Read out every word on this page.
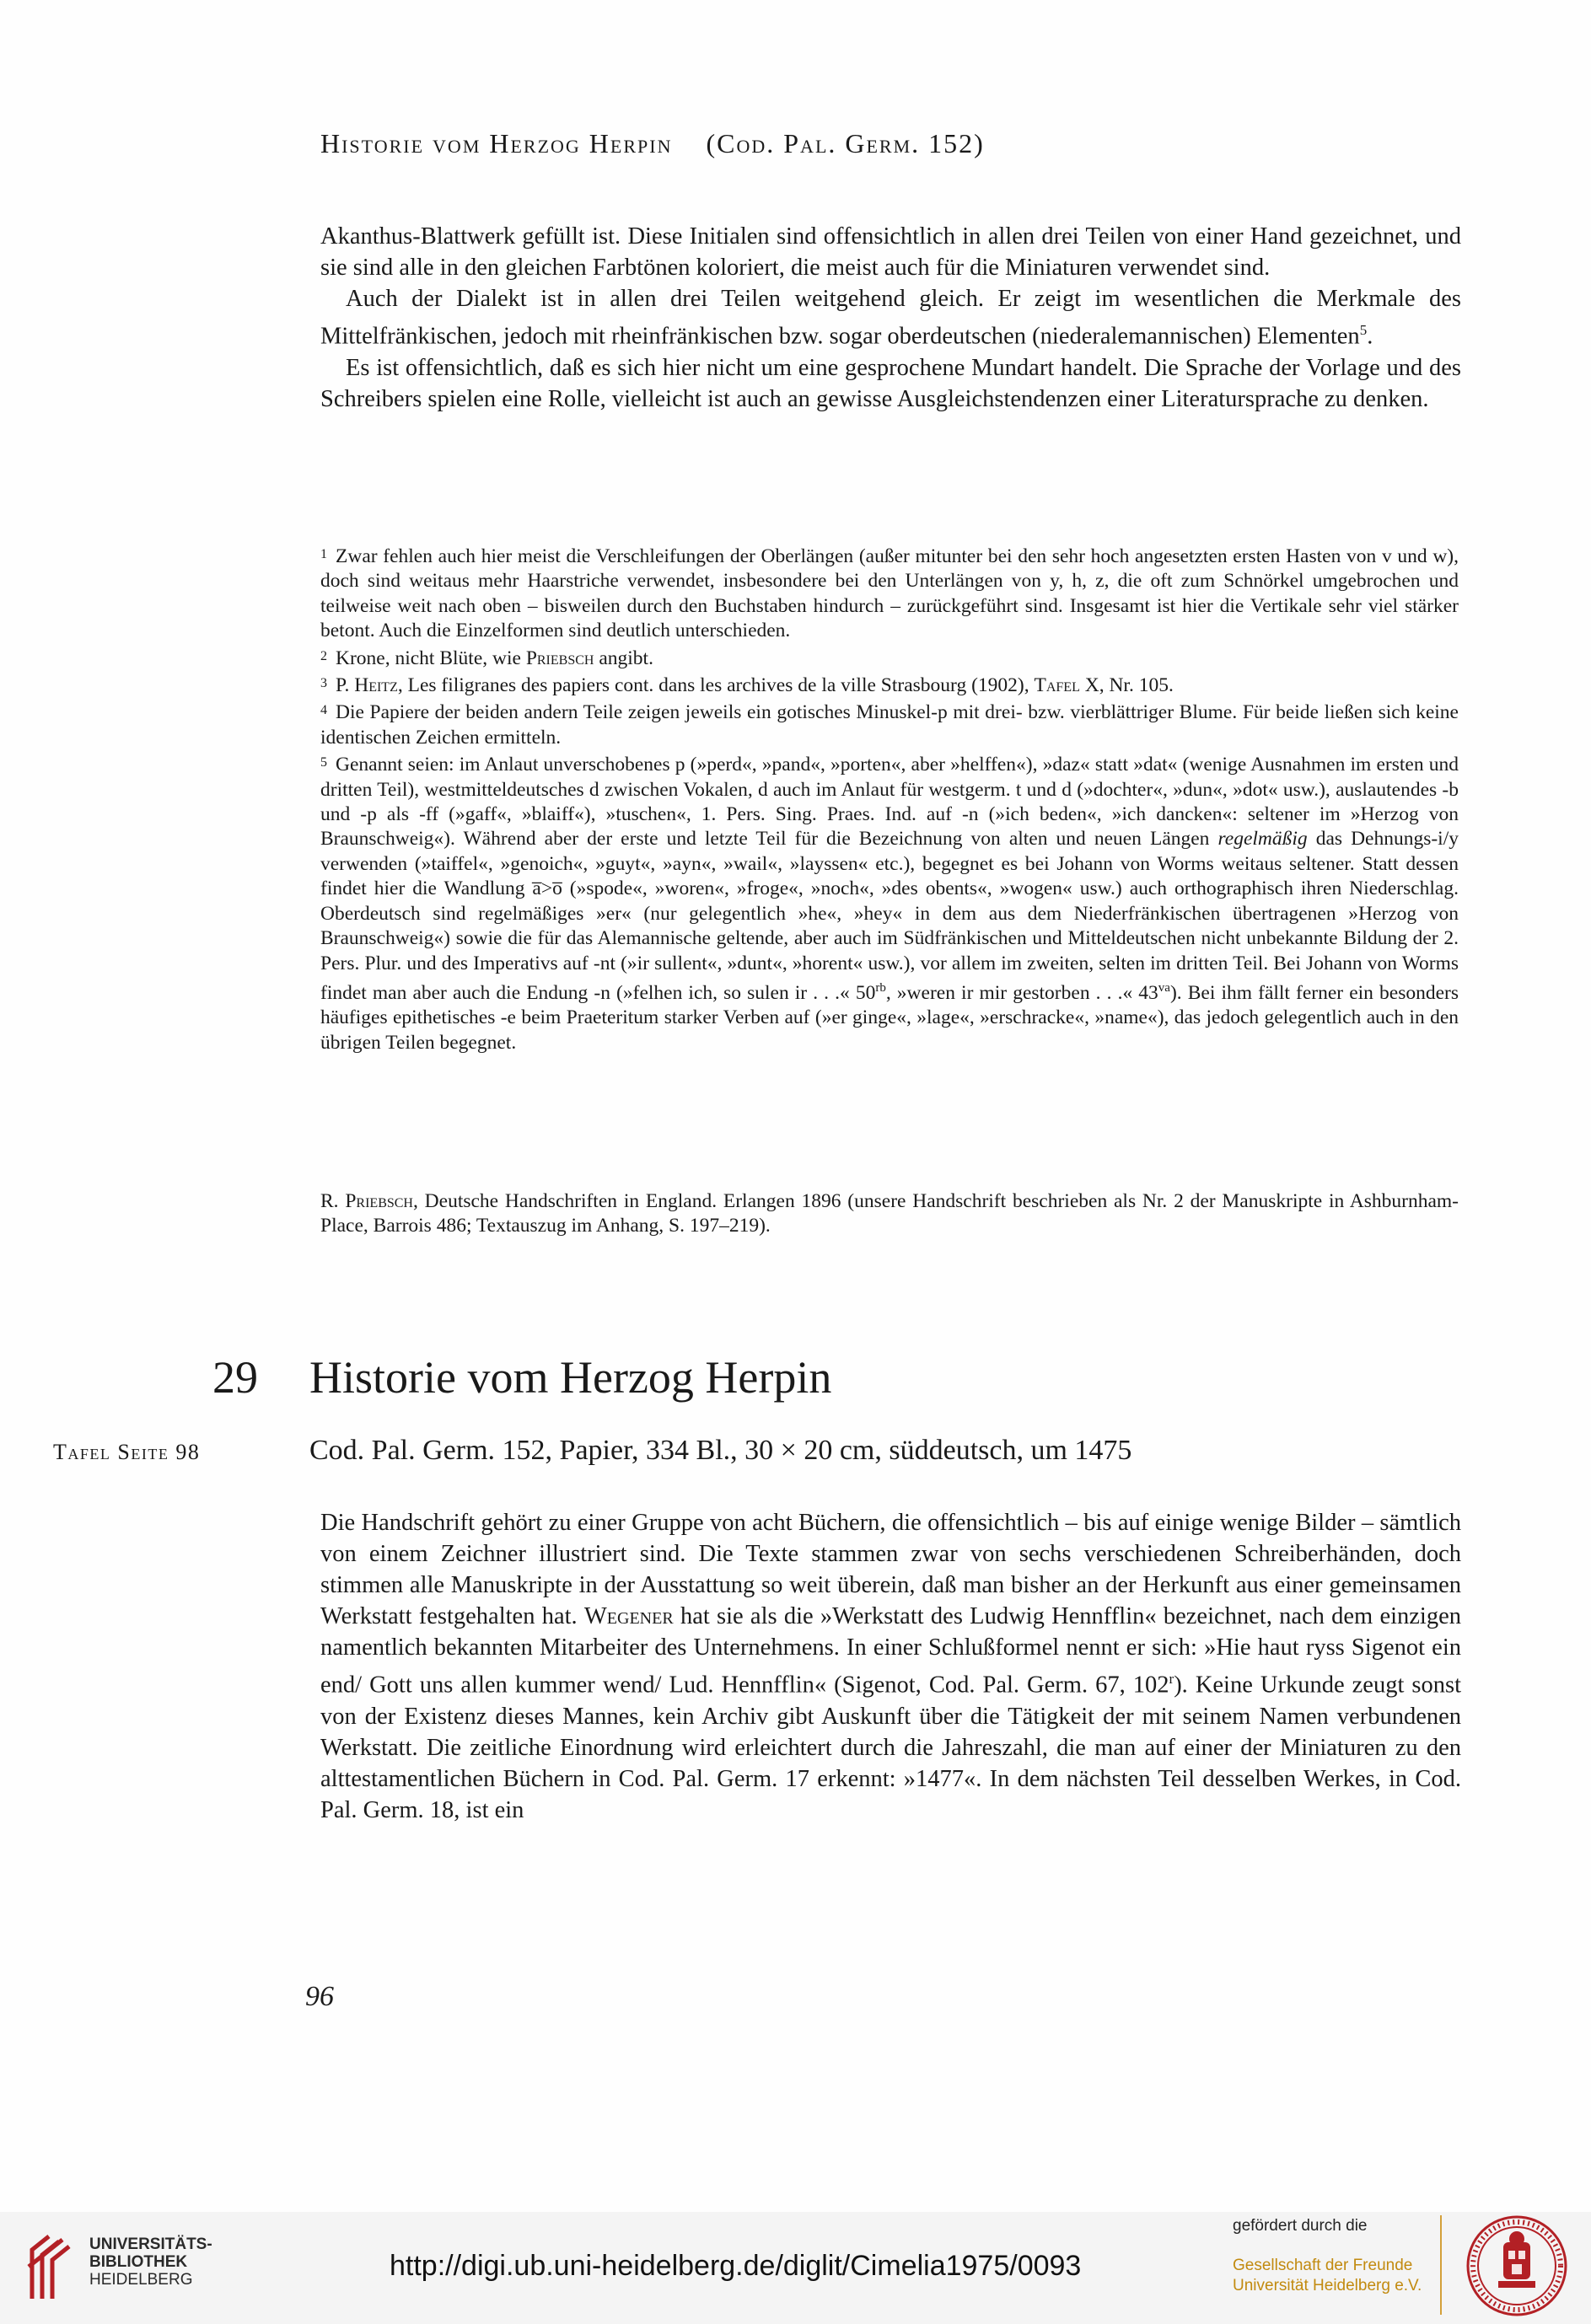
Historie vom Herzog Herpin (Cod. Pal. Germ. 152)

Akanthus-Blattwerk gefüllt ist. Diese Initialen sind offensichtlich in allen drei Teilen von einer Hand gezeichnet, und sie sind alle in den gleichen Farbtönen koloriert, die meist auch für die Miniaturen verwendet sind.

Auch der Dialekt ist in allen drei Teilen weitgehend gleich. Er zeigt im wesentlichen die Merkmale des Mittelfränkischen, jedoch mit rheinfränkischen bzw. sogar oberdeutschen (niederalemannischen) Elementen$^5$.

Es ist offensichtlich, daß es sich hier nicht um eine gesprochene Mundart handelt. Die Sprache der Vorlage und des Schreibers spielen eine Rolle, vielleicht ist auch an gewisse Ausgleichstendenzen einer Literatursprache zu denken.

$^1$ Zwar fehlen auch hier meist die Verschleifungen der Oberlängen (außer mitunter bei den sehr hoch angesetzten ersten Hasten von v und w), doch sind weitaus mehr Haarstriche verwendet, insbesondere bei den Unterlängen von y, h, z, die oft zum Schnörkel umgebrochen und teilweise weit nach oben – bisweilen durch den Buchstaben hindurch – zurückgeführt sind. Insgesamt ist hier die Vertikale sehr viel stärker betont. Auch die Einzelformen sind deutlich unterschieden.

$^2$ Krone, nicht Blüte, wie Priebsch angibt.

$^3$ P. Heitz, Les filigranes des papiers cont. dans les archives de la ville Strasbourg (1902), Tafel X, Nr. 105.

$^4$ Die Papiere der beiden andern Teile zeigen jeweils ein gotisches Minuskel-p mit drei- bzw. vierblättriger Blume. Für beide ließen sich keine identischen Zeichen ermitteln.

$^5$ Genannt seien: im Anlaut unverschobenes p (»perd«, »pand«, »porten«, aber »helffen«), »daz« statt »dat« (wenige Ausnahmen im ersten und dritten Teil), westmitteldeutsches d zwischen Vokalen, d auch im Anlaut für westgerm. t und d (»dochter«, »dun«, »dot« usw.), auslautendes -b und -p als -ff (»gaff«, »blaiff«), »tuschen«, 1. Pers. Sing. Praes. Ind. auf -n (»ich beden«, »ich dancken«: seltener im »Herzog von Braunschweig«). Während aber der erste und letzte Teil für die Bezeichnung von alten und neuen Längen regelmäßig das Dehnungs-i/y verwenden (»taiffel«, »genoich«, »guyt«, »ayn«, »wail«, »layssen« etc.), begegnet es bei Johann von Worms weitaus seltener. Statt dessen findet hier die Wandlung a̅>o̅ (»spode«, »woren«, »froge«, »noch«, »des obents«, »wogen« usw.) auch orthographisch ihren Niederschlag. Oberdeutsch sind regelmäßiges »er« (nur gelegentlich »he«, »hey« in dem aus dem Niederfränkischen übertragenen »Herzog von Braunschweig«) sowie die für das Alemannische geltende, aber auch im Südfränkischen und Mitteldeutschen nicht unbekannte Bildung der 2. Pers. Plur. und des Imperativs auf -nt (»ir sullent«, »dunt«, »horent« usw.), vor allem im zweiten, selten im dritten Teil. Bei Johann von Worms findet man aber auch die Endung -n (»felhen ich, so sulen ir . . .« $50^{rb}$, »weren ir mir gestorben . . .« $43^{va}$). Bei ihm fällt ferner ein besonders häufiges epithetisches -e beim Praeteritum starker Verben auf (»er ginge«, »lage«, »erschracke«, »name«), das jedoch gelegentlich auch in den übrigen Teilen begegnet.

R. Priebsch, Deutsche Handschriften in England. Erlangen 1896 (unsere Handschrift beschrieben als Nr. 2 der Manuskripte in Ashburnham-Place, Barrois 486; Textauszug im Anhang, S. 197–219).

29 Historie vom Herzog Herpin
Tafel Seite 98	Cod. Pal. Germ. 152, Papier, 334 Bl., 30 × 20 cm, süddeutsch, um 1475

Die Handschrift gehört zu einer Gruppe von acht Büchern, die offensichtlich – bis auf einige wenige Bilder – sämtlich von einem Zeichner illustriert sind. Die Texte stammen zwar von sechs verschiedenen Schreiberhänden, doch stimmen alle Manuskripte in der Ausstattung so weit überein, daß man bisher an der Herkunft aus einer gemeinsamen Werkstatt festgehalten hat. Wegener hat sie als die »Werkstatt des Ludwig Hennfflin« bezeichnet, nach dem einzigen namentlich bekannten Mitarbeiter des Unternehmens. In einer Schlußformel nennt er sich: »Hie haut ryss Sigenot ein end/ Gott uns allen kummer wend/ Lud. Hennfflin« (Sigenot, Cod. Pal. Germ. 67, 102$^r$). Keine Urkunde zeugt sonst von der Existenz dieses Mannes, kein Archiv gibt Auskunft über die Tätigkeit der mit seinem Namen verbundenen Werkstatt. Die zeitliche Einordnung wird erleichtert durch die Jahreszahl, die man auf einer der Miniaturen zu den alttestamentlichen Büchern in Cod. Pal. Germ. 17 erkennt: »1477«. In dem nächsten Teil desselben Werkes, in Cod. Pal. Germ. 18, ist ein

96
UNIVERSITÄTS-
BIBLIOTHEK
HEIDELBERG	http://digi.ub.uni-heidelberg.de/diglit/Cimelia1975/0093
gefördert durch die
Gesellschaft der Freunde
Universität Heidelberg e.V.
